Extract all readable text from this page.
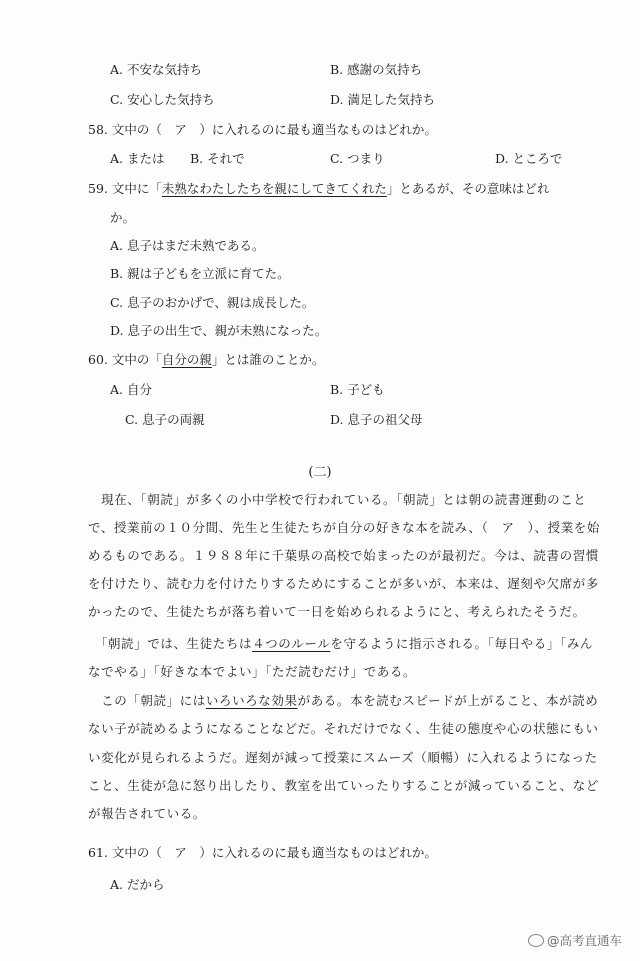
A. 不安な気持ち	B. 感謝の気持ち
C. 安心した気持ち	D. 満足した気持ち
58. 文中の（　ア　）に入れるのに最も適当なものはどれか。
A. または B. それで	C. つまり	D. ところで
59. 文中に「未熟なわたしたちを親にしてきてくれた」とあるが、その意味はどれ
か。
A. 息子はまだ未熟である。
B. 親は子どもを立派に育てた。
C. 息子のおかげで、親は成長した。
D. 息子の出生で、親が未熟になった。
60. 文中の「自分の親」とは誰のことか。
A. 自分	B. 子ども
C. 息子の両親	D. 息子の祖父母
(二)
　現在、「朝読」が多くの小中学校で行われている。「朝読」とは朝の読書運動のこと
で、授業前の１０分間、先生と生徒たちが自分の好きな本を読み、（　ア　）、授業を始
めるものである。１９８８年に千葉県の高校で始まったのが最初だ。今は、読書の習慣
を付けたり、読む力を付けたりするためにすることが多いが、本来は、遅刻や欠席が多
かったので、生徒たちが落ち着いて一日を始められるようにと、考えられたそうだ。
　「朝読」では、生徒たちは４つのルールを守るように指示される。「毎日やる」「みん
なでやる」「好きな本でよい」「ただ読むだけ」である。
　この「朝読」にはいろいろな効果がある。本を読むスピードが上がること、本が読め
ない子が読めるようになることなどだ。それだけでなく、生徒の態度や心の状態にもい
い変化が見られるようだ。遅刻が減って授業にスムーズ（順暢）に入れるようになった
こと、生徒が急に怒り出したり、教室を出ていったりすることが減っていること、など
が報告されている。
61. 文中の（　ア　）に入れるのに最も適当なものはどれか。
A. だから
@高考直通车
